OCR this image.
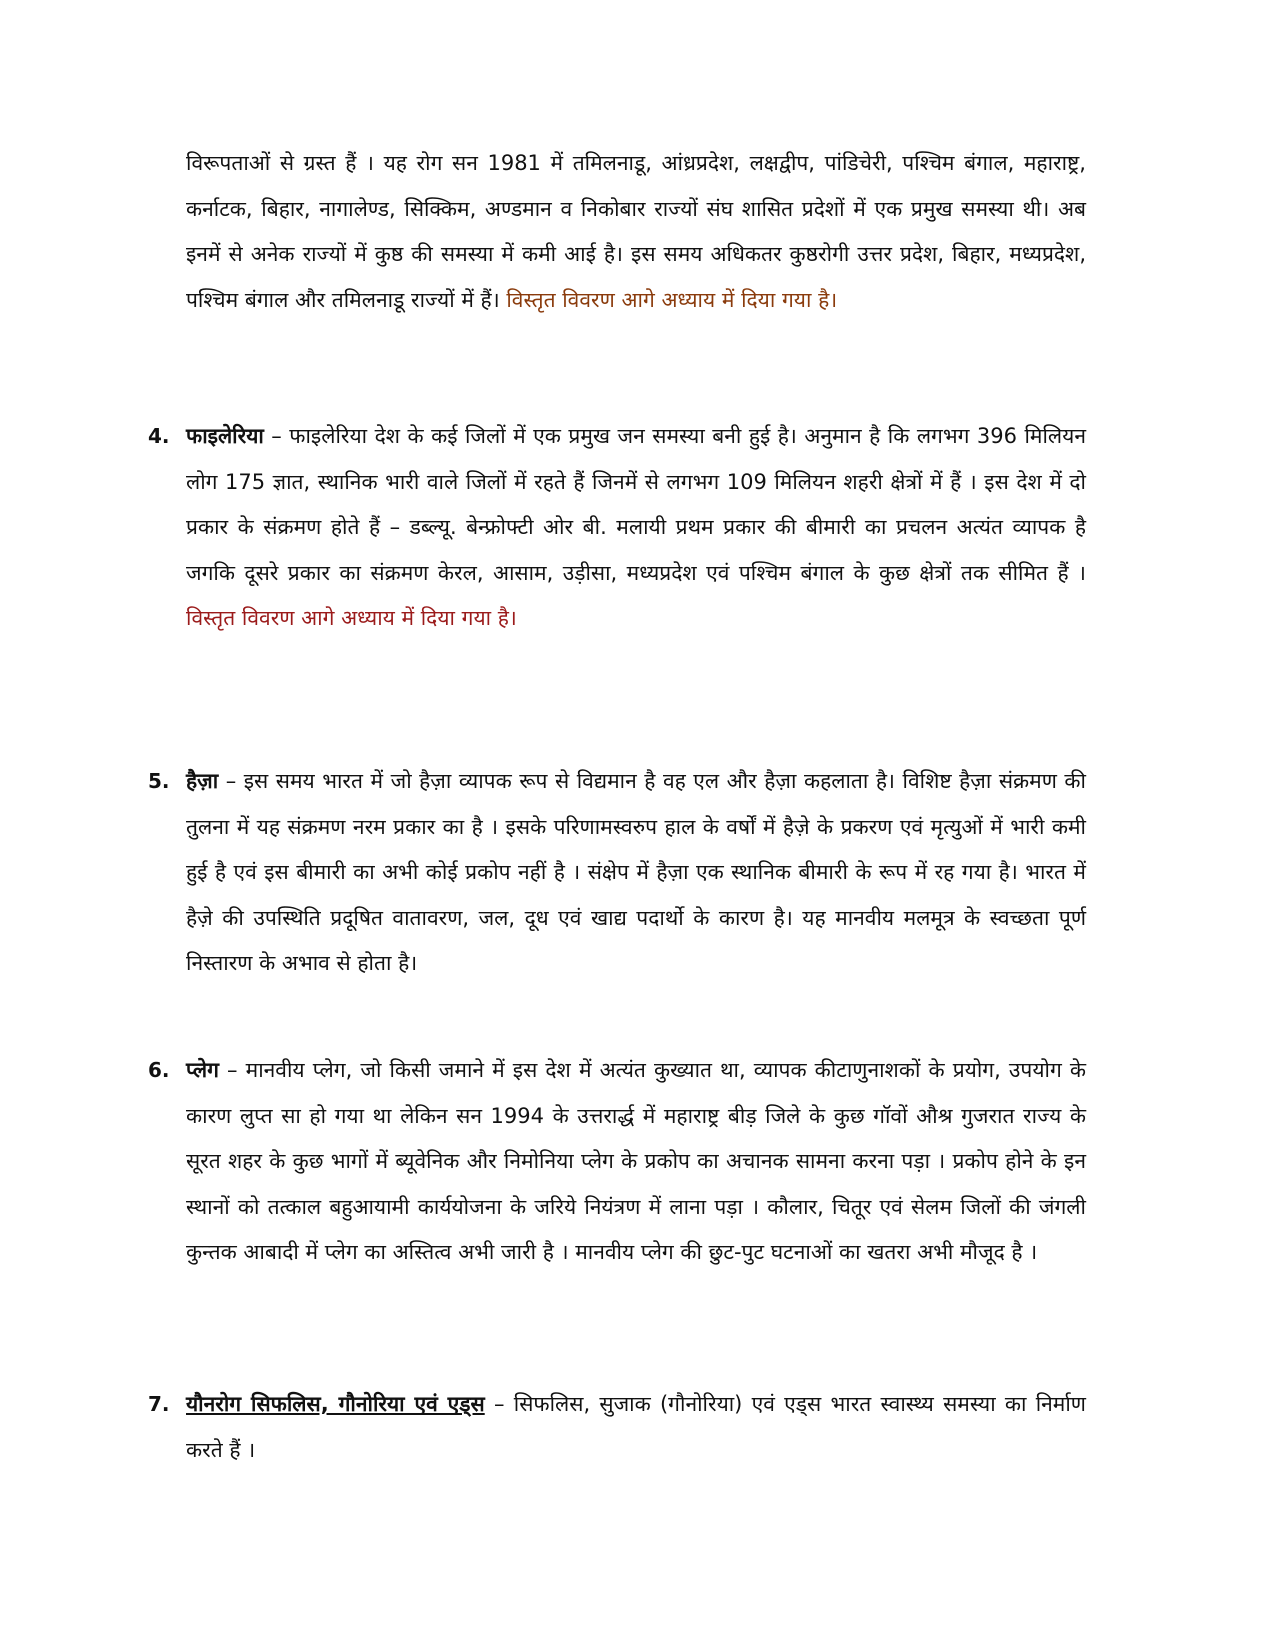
विरूपताओं से ग्रस्त हैं । यह रोग सन 1981 में तमिलनाडू, आंध्रप्रदेश, लक्षद्वीप, पांडिचेरी, पश्चिम बंगाल, महाराष्ट्र, कर्नाटक, बिहार, नागालेण्ड, सिक्किम, अण्डमान व निकोबार राज्यों संघ शासित प्रदेशों में एक प्रमुख समस्या थी। अब इनमें से अनेक राज्यों में कुष्ठ की समस्या में कमी आई है। इस समय अधिकतर कुष्ठरोगी उत्तर प्रदेश, बिहार, मध्यप्रदेश, पश्चिम बंगाल और तमिलनाडू राज्यों में हैं। विस्तृत विवरण आगे अध्याय में दिया गया है।
4. फाइलेरिया – फाइलेरिया देश के कई जिलों में एक प्रमुख जन समस्या बनी हुई है। अनुमान है कि लगभग 396 मिलियन लोग 175 ज्ञात, स्थानिक भारी वाले जिलों में रहते हैं जिनमें से लगभग 109 मिलियन शहरी क्षेत्रों में हैं । इस देश में दो प्रकार के संक्रमण होते हैं – डब्ल्यू. बेन्फ्रोफ्टी ओर बी. मलायी प्रथम प्रकार की बीमारी का प्रचलन अत्यंत व्यापक है जगकि दूसरे प्रकार का संक्रमण केरल, आसाम, उड़ीसा, मध्यप्रदेश एवं पश्चिम बंगाल के कुछ क्षेत्रों तक सीमित हैं । विस्तृत विवरण आगे अध्याय में दिया गया है।
5. हैज़ा – इस समय भारत में जो हैज़ा व्यापक रूप से विद्यमान है वह एल और हैज़ा कहलाता है। विशिष्ट हैज़ा संक्रमण की तुलना में यह संक्रमण नरम प्रकार का है । इसके परिणामस्वरुप हाल के वर्षों में हैज़े के प्रकरण एवं मृत्युओं में भारी कमी हुई है एवं इस बीमारी का अभी कोई प्रकोप नहीं है । संक्षेप में हैज़ा एक स्थानिक बीमारी के रूप में रह गया है। भारत में हैज़े की उपस्थिति प्रदूषित वातावरण, जल, दूध एवं खाद्य पदार्थो के कारण है। यह मानवीय मलमूत्र के स्वच्छता पूर्ण निस्तारण के अभाव से होता है।
6. प्लेग – मानवीय प्लेग, जो किसी जमाने में इस देश में अत्यंत कुख्यात था, व्यापक कीटाणुनाशकों के प्रयोग, उपयोग के कारण लुप्त सा हो गया था लेकिन सन 1994 के उत्तरार्द्ध में महाराष्ट्र बीड़ जिले के कुछ गॉवों औश्र गुजरात राज्य के सूरत शहर के कुछ भागों में ब्यूवेनिक और निमोनिया प्लेग के प्रकोप का अचानक सामना करना पड़ा । प्रकोप होने के इन स्थानों को तत्काल बहुआयामी कार्ययोजना के जरिये नियंत्रण में लाना पड़ा । कौलार, चितूर एवं सेलम जिलों की जंगली कुन्तक आबादी में प्लेग का अस्तित्व अभी जारी है । मानवीय प्लेग की छुट-पुट घटनाओं का खतरा अभी मौजूद है ।
7. यौनरोग सिफलिस, गौनोरिया एवं एड्स – सिफलिस, सुजाक (गौनोरिया) एवं एड्स भारत स्वास्थ्य समस्या का निर्माण करते हैं ।
